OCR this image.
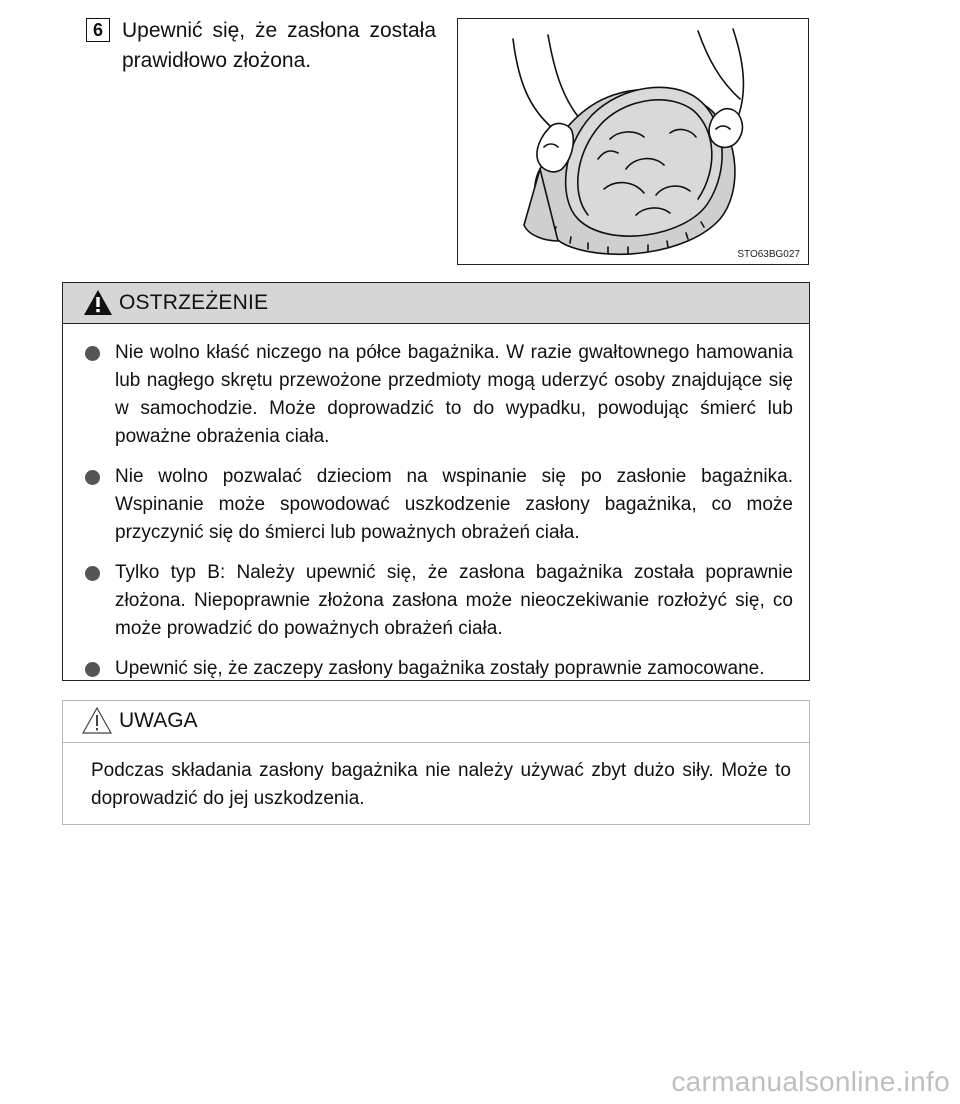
6 Upewnić się, że zasłona została prawidłowo złożona.
STO63BG027
OSTRZEŻENIE
Nie wolno kłaść niczego na półce bagażnika. W razie gwałtownego hamowania lub nagłego skrętu przewożone przedmioty mogą uderzyć osoby znajdujące się w samochodzie. Może doprowadzić to do wypadku, powodując śmierć lub poważne obrażenia ciała.
Nie wolno pozwalać dzieciom na wspinanie się po zasłonie bagażnika. Wspinanie może spowodować uszkodzenie zasłony bagażnika, co może przyczynić się do śmierci lub poważnych obrażeń ciała.
Tylko typ B: Należy upewnić się, że zasłona bagażnika została poprawnie złożona. Niepoprawnie złożona zasłona może nieoczekiwanie rozłożyć się, co może prowadzić do poważnych obrażeń ciała.
Upewnić się, że zaczepy zasłony bagażnika zostały poprawnie zamocowane.
UWAGA
Podczas składania zasłony bagażnika nie należy używać zbyt dużo siły. Może to doprowadzić do jej uszkodzenia.
carmanualsonline.info
